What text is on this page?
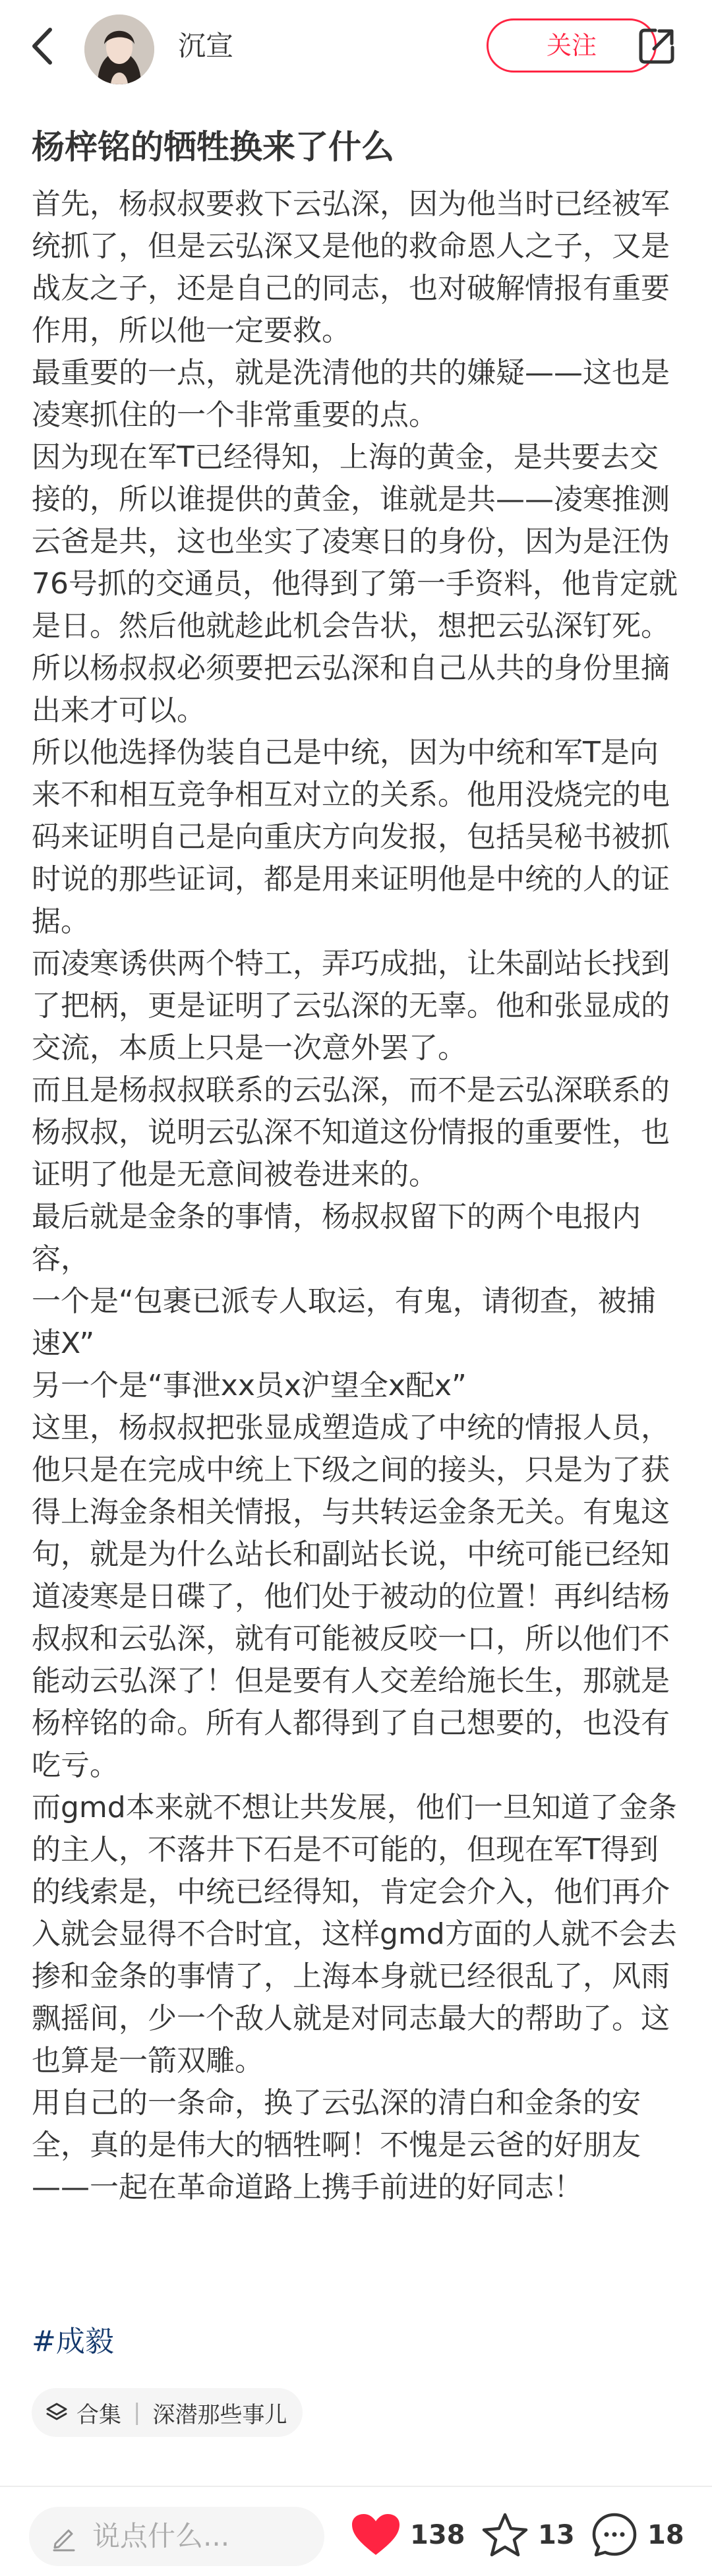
沉宣	关注
杨梓铭的牺牲换来了什么

首先，杨叔叔要救下云弘深，因为他当时已经被军统抓了，但是云弘深又是他的救命恩人之子，又是战友之子，还是自己的同志，也对破解情报有重要作用，所以他一定要救。

最重要的一点，就是洗清他的共的嫌疑——这也是凌寒抓住的一个非常重要的点。

因为现在军T已经得知，上海的黄金，是共要去交接的，所以谁提供的黄金，谁就是共——凌寒推测云爸是共，这也坐实了凌寒日的身份，因为是汪伪76号抓的交通员，他得到了第一手资料，他肯定就是日。然后他就趁此机会告状，想把云弘深钉死。

所以杨叔叔必须要把云弘深和自己从共的身份里摘出来才可以。

所以他选择伪装自己是中统，因为中统和军T是向来不和相互竞争相互对立的关系。他用没烧完的电码来证明自己是向重庆方向发报，包括吴秘书被抓时说的那些证词，都是用来证明他是中统的人的证据。

而凌寒诱供两个特工，弄巧成拙，让朱副站长找到了把柄，更是证明了云弘深的无辜。他和张显成的交流，本质上只是一次意外罢了。

而且是杨叔叔联系的云弘深，而不是云弘深联系的杨叔叔，说明云弘深不知道这份情报的重要性，也证明了他是无意间被卷进来的。

最后就是金条的事情，杨叔叔留下的两个电报内容，

一个是“包裹已派专人取运，有鬼，请彻查，被捕速X”

另一个是“事泄xx员x沪望全x配x”

这里，杨叔叔把张显成塑造成了中统的情报人员，他只是在完成中统上下级之间的接头，只是为了获得上海金条相关情报，与共转运金条无关。有鬼这句，就是为什么站长和副站长说，中统可能已经知道凌寒是日碟了，他们处于被动的位置！再纠结杨叔叔和云弘深，就有可能被反咬一口，所以他们不能动云弘深了！但是要有人交差给施长生，那就是杨梓铭的命。所有人都得到了自己想要的，也没有吃亏。

而gmd本来就不想让共发展，他们一旦知道了金条的主人，不落井下石是不可能的，但现在军T得到的线索是，中统已经得知，肯定会介入，他们再介入就会显得不合时宜，这样gmd方面的人就不会去掺和金条的事情了，上海本身就已经很乱了，风雨飘摇间，少一个敌人就是对同志最大的帮助了。这也算是一箭双雕。

用自己的一条命，换了云弘深的清白和金条的安全，真的是伟大的牺牲啊！不愧是云爸的好朋友——一起在革命道路上携手前进的好同志！

#成毅
合集 | 深潜那些事儿
说点什么...	138	13	18
